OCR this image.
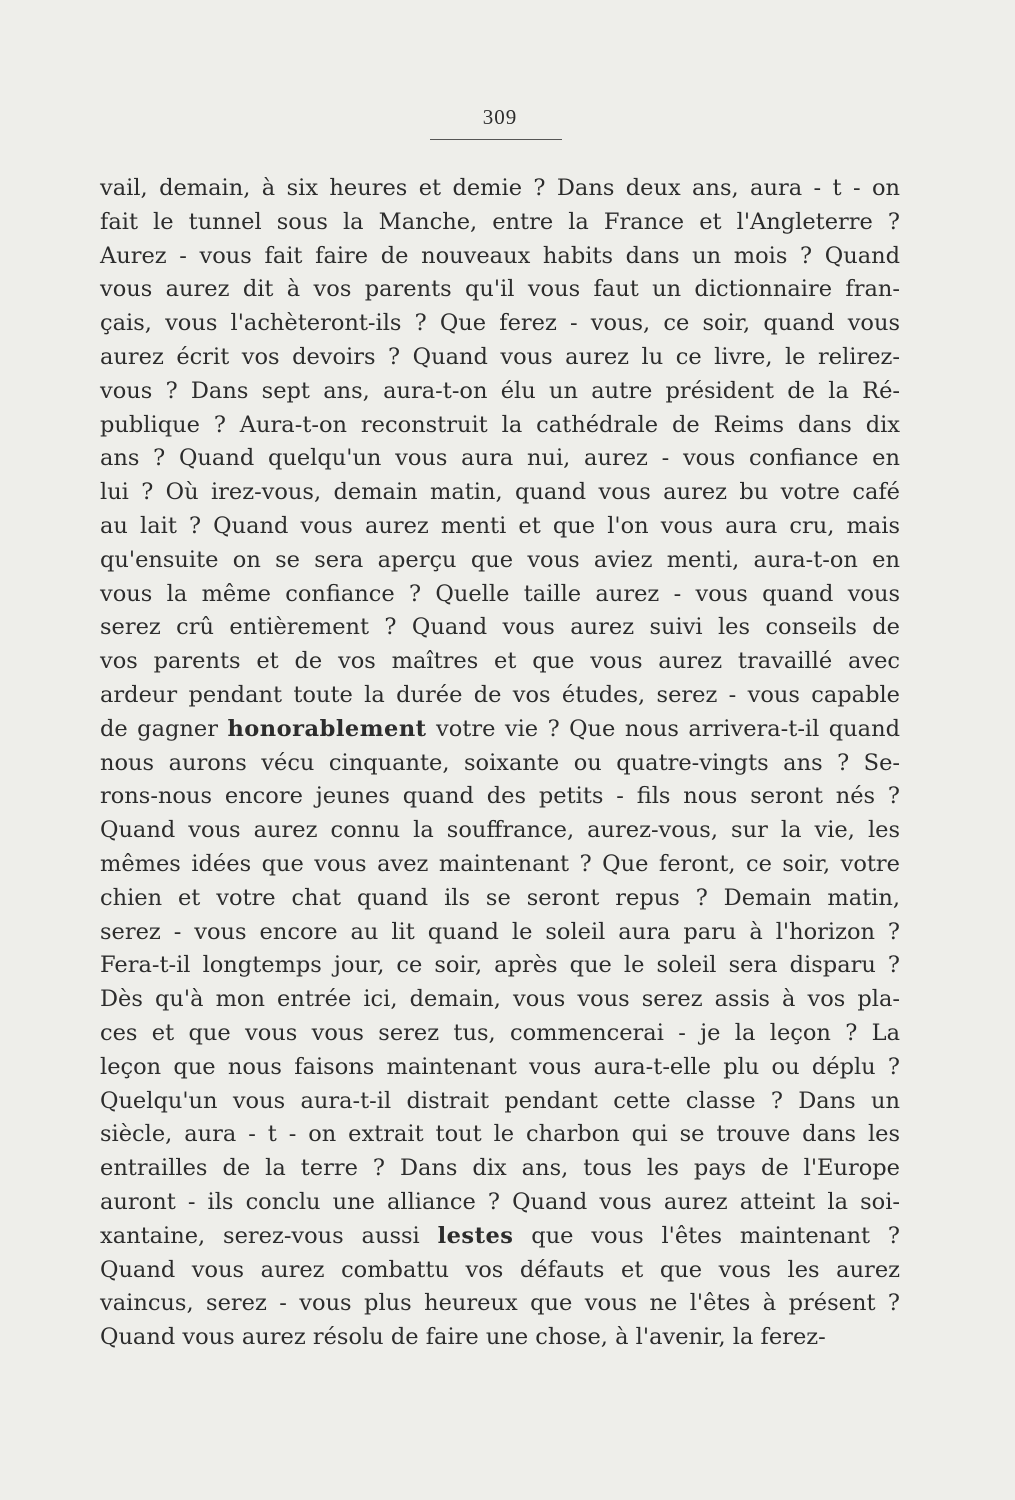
309
vail, demain, à six heures et demie ? Dans deux ans, aura - t - on
fait le tunnel sous la Manche, entre la France et l'Angleterre ?
Aurez - vous fait faire de nouveaux habits dans un mois ? Quand
vous aurez dit à vos parents qu'il vous faut un dictionnaire fran-
çais, vous l'achèteront-ils ? Que ferez - vous, ce soir, quand vous
aurez écrit vos devoirs ? Quand vous aurez lu ce livre, le relirez-
vous ? Dans sept ans, aura-t-on élu un autre président de la Ré-
publique ? Aura-t-on reconstruit la cathédrale de Reims dans dix
ans ? Quand quelqu'un vous aura nui, aurez - vous confiance en
lui ? Où irez-vous, demain matin, quand vous aurez bu votre café
au lait ? Quand vous aurez menti et que l'on vous aura cru, mais
qu'ensuite on se sera aperçu que vous aviez menti, aura-t-on en
vous la même confiance ? Quelle taille aurez - vous quand vous
serez crû entièrement ? Quand vous aurez suivi les conseils de
vos parents et de vos maîtres et que vous aurez travaillé avec
ardeur pendant toute la durée de vos études, serez - vous capable
de gagner honorablement votre vie ? Que nous arrivera-t-il quand
nous aurons vécu cinquante, soixante ou quatre-vingts ans ? Se-
rons-nous encore jeunes quand des petits - fils nous seront nés ?
Quand vous aurez connu la souffrance, aurez-vous, sur la vie, les
mêmes idées que vous avez maintenant ? Que feront, ce soir, votre
chien et votre chat quand ils se seront repus ? Demain matin,
serez - vous encore au lit quand le soleil aura paru à l'horizon ?
Fera-t-il longtemps jour, ce soir, après que le soleil sera disparu ?
Dès qu'à mon entrée ici, demain, vous vous serez assis à vos pla-
ces et que vous vous serez tus, commencerai - je la leçon ? La
leçon que nous faisons maintenant vous aura-t-elle plu ou déplu ?
Quelqu'un vous aura-t-il distrait pendant cette classe ? Dans un
siècle, aura - t - on extrait tout le charbon qui se trouve dans les
entrailles de la terre ? Dans dix ans, tous les pays de l'Europe
auront - ils conclu une alliance ? Quand vous aurez atteint la soi-
xantaine, serez-vous aussi lestes que vous l'êtes maintenant ?
Quand vous aurez combattu vos défauts et que vous les aurez
vaincus, serez - vous plus heureux que vous ne l'êtes à présent ?
Quand vous aurez résolu de faire une chose, à l'avenir, la ferez-
